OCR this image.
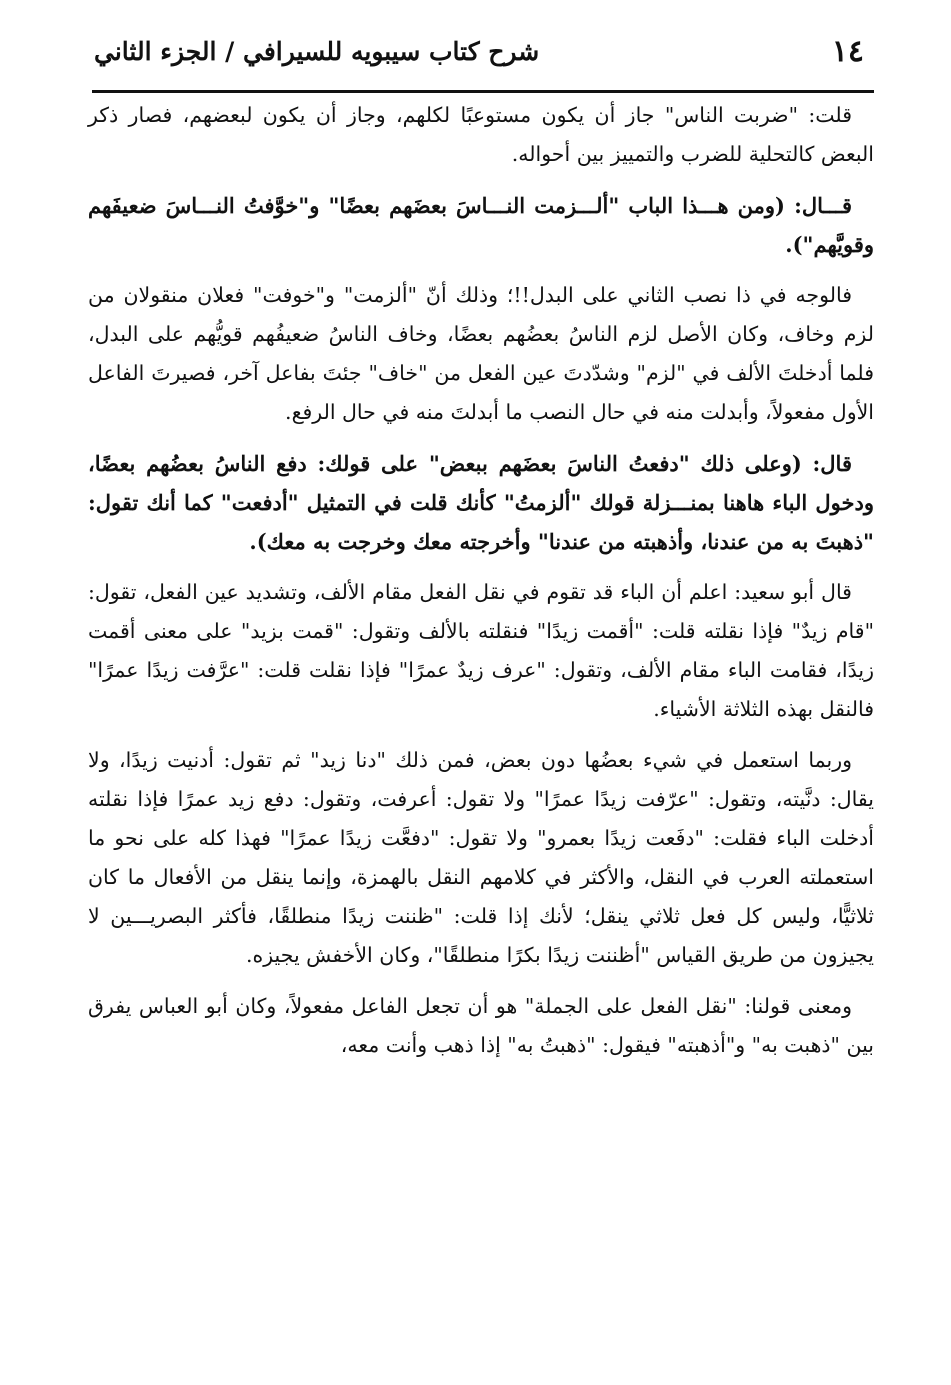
١٤
شرح كتاب سيبويه للسيرافي / الجزء الثاني

قلت: "ضربت الناس" جاز أن يكون مستوعبًا لكلهم، وجاز أن يكون لبعضهم، فصار ذكر البعض كالتحلية للضرب والتمييز بين أحواله.

قـــال: (ومن هـــذا الباب "ألـــزمت النـــاسَ بعضَهم بعضًا" و"خوَّفتُ النـــاسَ ضعيفَهم وقويَّهم").

فالوجه في ذا نصب الثاني على البدل!!؛ وذلك أنّ "ألزمت" و"خوفت" فعلان منقولان من لزم وخاف، وكان الأصل لزم الناسُ بعضُهم بعضًا، وخاف الناسُ ضعيفُهم قويُّهم على البدل، فلما أدخلتَ الألف في "لزم" وشدّدتَ عين الفعل من "خاف" جئتَ بفاعل آخر، فصيرتَ الفاعل الأول مفعولاً، وأبدلت منه في حال النصب ما أبدلتَ منه في حال الرفع.

قال: (وعلى ذلك "دفعتُ الناسَ بعضَهم ببعض" على قولك: دفع الناسُ بعضُهم بعضًا، ودخول الباء هاهنا بمنـــزلة قولك "ألزمتُ" كأنك قلت في التمثيل "أدفعت" كما أنك تقول: "ذهبتَ به من عندنا، وأذهبته من عندنا" وأخرجته معك وخرجت به معك).

قال أبو سعيد: اعلم أن الباء قد تقوم في نقل الفعل مقام الألف، وتشديد عين الفعل، تقول: "قام زيدٌ" فإذا نقلته قلت: "أقمت زيدًا" فنقلته بالألف وتقول: "قمت بزيد" على معنى أقمت زيدًا، فقامت الباء مقام الألف، وتقول: "عرف زيدٌ عمرًا" فإذا نقلت قلت: "عرَّفت زيدًا عمرًا" فالنقل بهذه الثلاثة الأشياء.

وربما استعمل في شيء بعضُها دون بعض، فمن ذلك "دنا زيد" ثم تقول: أدنيت زيدًا، ولا يقال: دنَّيته، وتقول: "عرّفت زيدًا عمرًا" ولا تقول: أعرفت، وتقول: دفع زيد عمرًا فإذا نقلته أدخلت الباء فقلت: "دفَعت زيدًا بعمرو" ولا تقول: "دفعَّت زيدًا عمرًا" فهذا كله على نحو ما استعملته العرب في النقل، والأكثر في كلامهم النقل بالهمزة، وإنما ينقل من الأفعال ما كان ثلاثيًّا، وليس كل فعل ثلاثي ينقل؛ لأنك إذا قلت: "ظننت زيدًا منطلقًا، فأكثر البصريـــين لا يجيزون من طريق القياس "أظننت زيدًا بكرًا منطلقًا"، وكان الأخفش يجيزه.

ومعنى قولنا: "نقل الفعل على الجملة" هو أن تجعل الفاعل مفعولاً، وكان أبو العباس يفرق بين "ذهبت به" و"أذهبته" فيقول: "ذهبتُ به" إذا ذهب وأنت معه،
